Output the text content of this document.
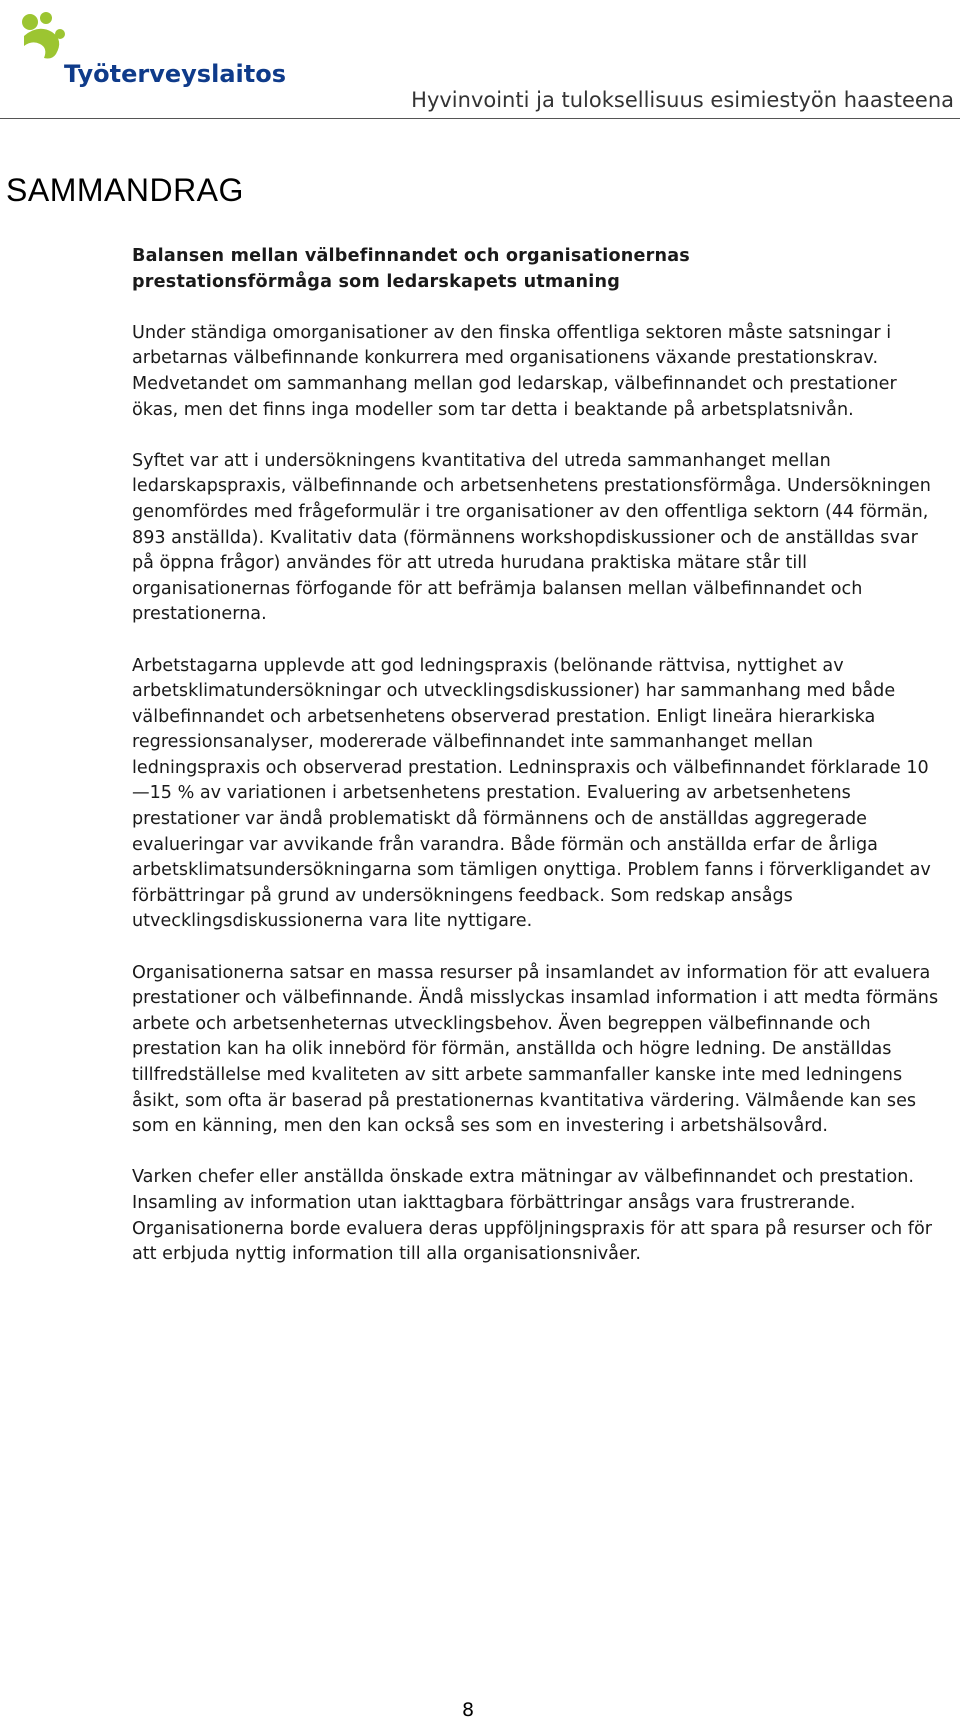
Työterveyslaitos
Hyvinvointi ja tuloksellisuus esimiestyön haasteena
SAMMANDRAG
Balansen mellan välbefinnandet och organisationernas
prestationsförmåga som ledarskapets utmaning

Under ständiga omorganisationer av den finska offentliga sektoren måste satsningar i arbetarnas välbefinnande konkurrera med organisationens växande prestationskrav. Medvetandet om sammanhang mellan god ledarskap, välbefinnandet och prestationer ökas, men det finns inga modeller som tar detta i beaktande på arbetsplatsnivån.

Syftet var att i undersökningens kvantitativa del utreda sammanhanget mellan ledarskapspraxis, välbefinnande och arbetsenhetens prestationsförmåga. Undersökningen genomfördes med frågeformulär i tre organisationer av den offentliga sektorn (44 förmän, 893 anställda). Kvalitativ data (förmännens workshopdiskussioner och de anställdas svar på öppna frågor) användes för att utreda hurudana praktiska mätare står till organisationernas förfogande för att befrämja balansen mellan välbefinnandet och prestationerna.

Arbetstagarna upplevde att god ledningspraxis (belönande rättvisa, nyttighet av arbetsklimatundersökningar och utvecklingsdiskussioner) har sammanhang med både välbefinnandet och arbetsenhetens observerad prestation. Enligt lineära hierarkiska regressionsanalyser, modererade välbefinnandet inte sammanhanget mellan ledningspraxis och observerad prestation. Ledninspraxis och välbefinnandet förklarade 10—15 % av variationen i arbetsenhetens prestation. Evaluering av arbetsenhetens prestationer var ändå problematiskt då förmännens och de anställdas aggregerade evalueringar var avvikande från varandra. Både förmän och anställda erfar de årliga arbetsklimatsundersökningarna som tämligen onyttiga. Problem fanns i förverkligandet av förbättringar på grund av undersökningens feedback. Som redskap ansågs utvecklingsdiskussionerna vara lite nyttigare.

Organisationerna satsar en massa resurser på insamlandet av information för att evaluera prestationer och välbefinnande. Ändå misslyckas insamlad information i att medta förmäns arbete och arbetsenheternas utvecklingsbehov. Även begreppen välbefinnande och prestation kan ha olik innebörd för förmän, anställda och högre ledning. De anställdas tillfredställelse med kvaliteten av sitt arbete sammanfaller kanske inte med ledningens åsikt, som ofta är baserad på prestationernas kvantitativa värdering. Välmående kan ses som en känning, men den kan också ses som en investering i arbetshälsovård.

Varken chefer eller anställda önskade extra mätningar av välbefinnandet och prestation. Insamling av information utan iakttagbara förbättringar ansågs vara frustrerande. Organisationerna borde evaluera deras uppföljningspraxis för att spara på resurser och för att erbjuda nyttig information till alla organisationsnivåer.

8
